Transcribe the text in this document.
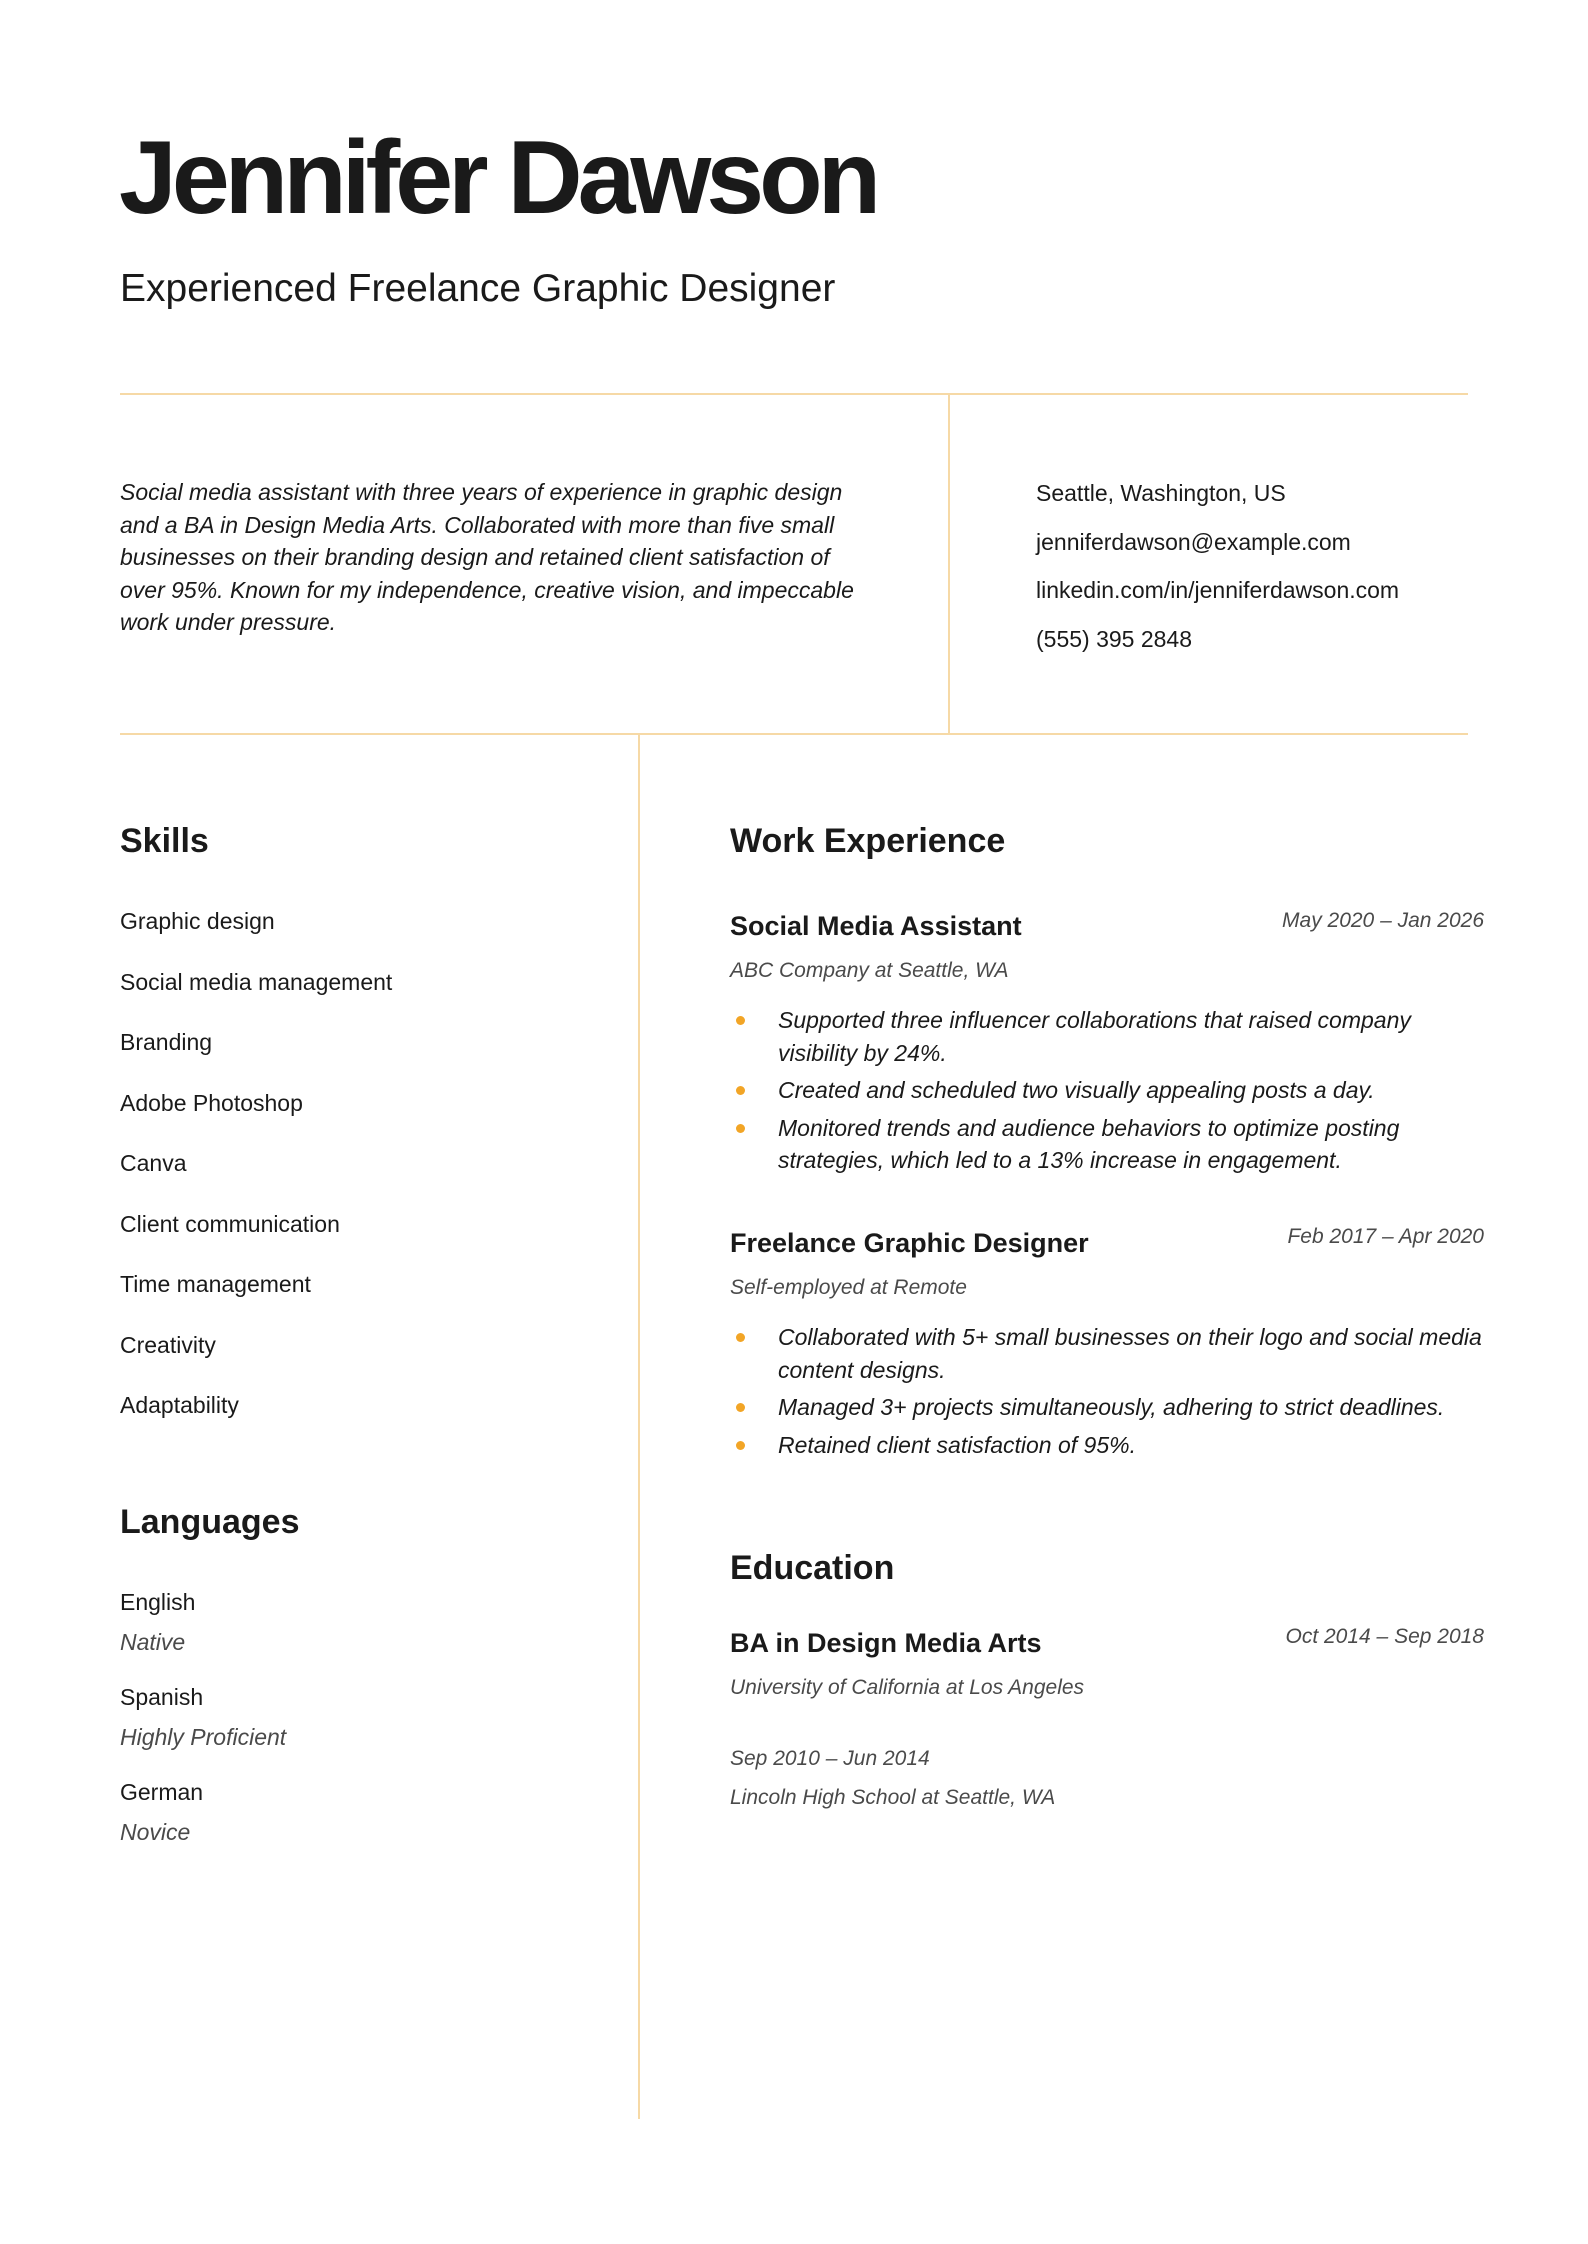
Jennifer Dawson
Experienced Freelance Graphic Designer

Social media assistant with three years of experience in graphic design and a BA in Design Media Arts. Collaborated with more than five small businesses on their branding design and retained client satisfaction of over 95%. Known for my independence, creative vision, and impeccable work under pressure.

Seattle, Washington, US
jenniferdawson@example.com
linkedin.com/in/jenniferdawson.com
(555) 395 2848
Skills
Graphic design
Social media management
Branding
Adobe Photoshop
Canva
Client communication
Time management
Creativity
Adaptability
Languages
English
Native
Spanish
Highly Proficient
German
Novice
Work Experience
Social Media Assistant	May 2020 – Jan 2026

ABC Company at Seattle, WA

Supported three influencer collaborations that raised company visibility by 24%.
Created and scheduled two visually appealing posts a day.
Monitored trends and audience behaviors to optimize posting strategies, which led to a 13% increase in engagement.
Freelance Graphic Designer	Feb 2017 – Apr 2020

Self-employed at Remote

Collaborated with 5+ small businesses on their logo and social media content designs.
Managed 3+ projects simultaneously, adhering to strict deadlines.
Retained client satisfaction of 95%.
Education
BA in Design Media Arts	Oct 2014 – Sep 2018

University of California at Los Angeles

Sep 2010 – Jun 2014

Lincoln High School at Seattle, WA
